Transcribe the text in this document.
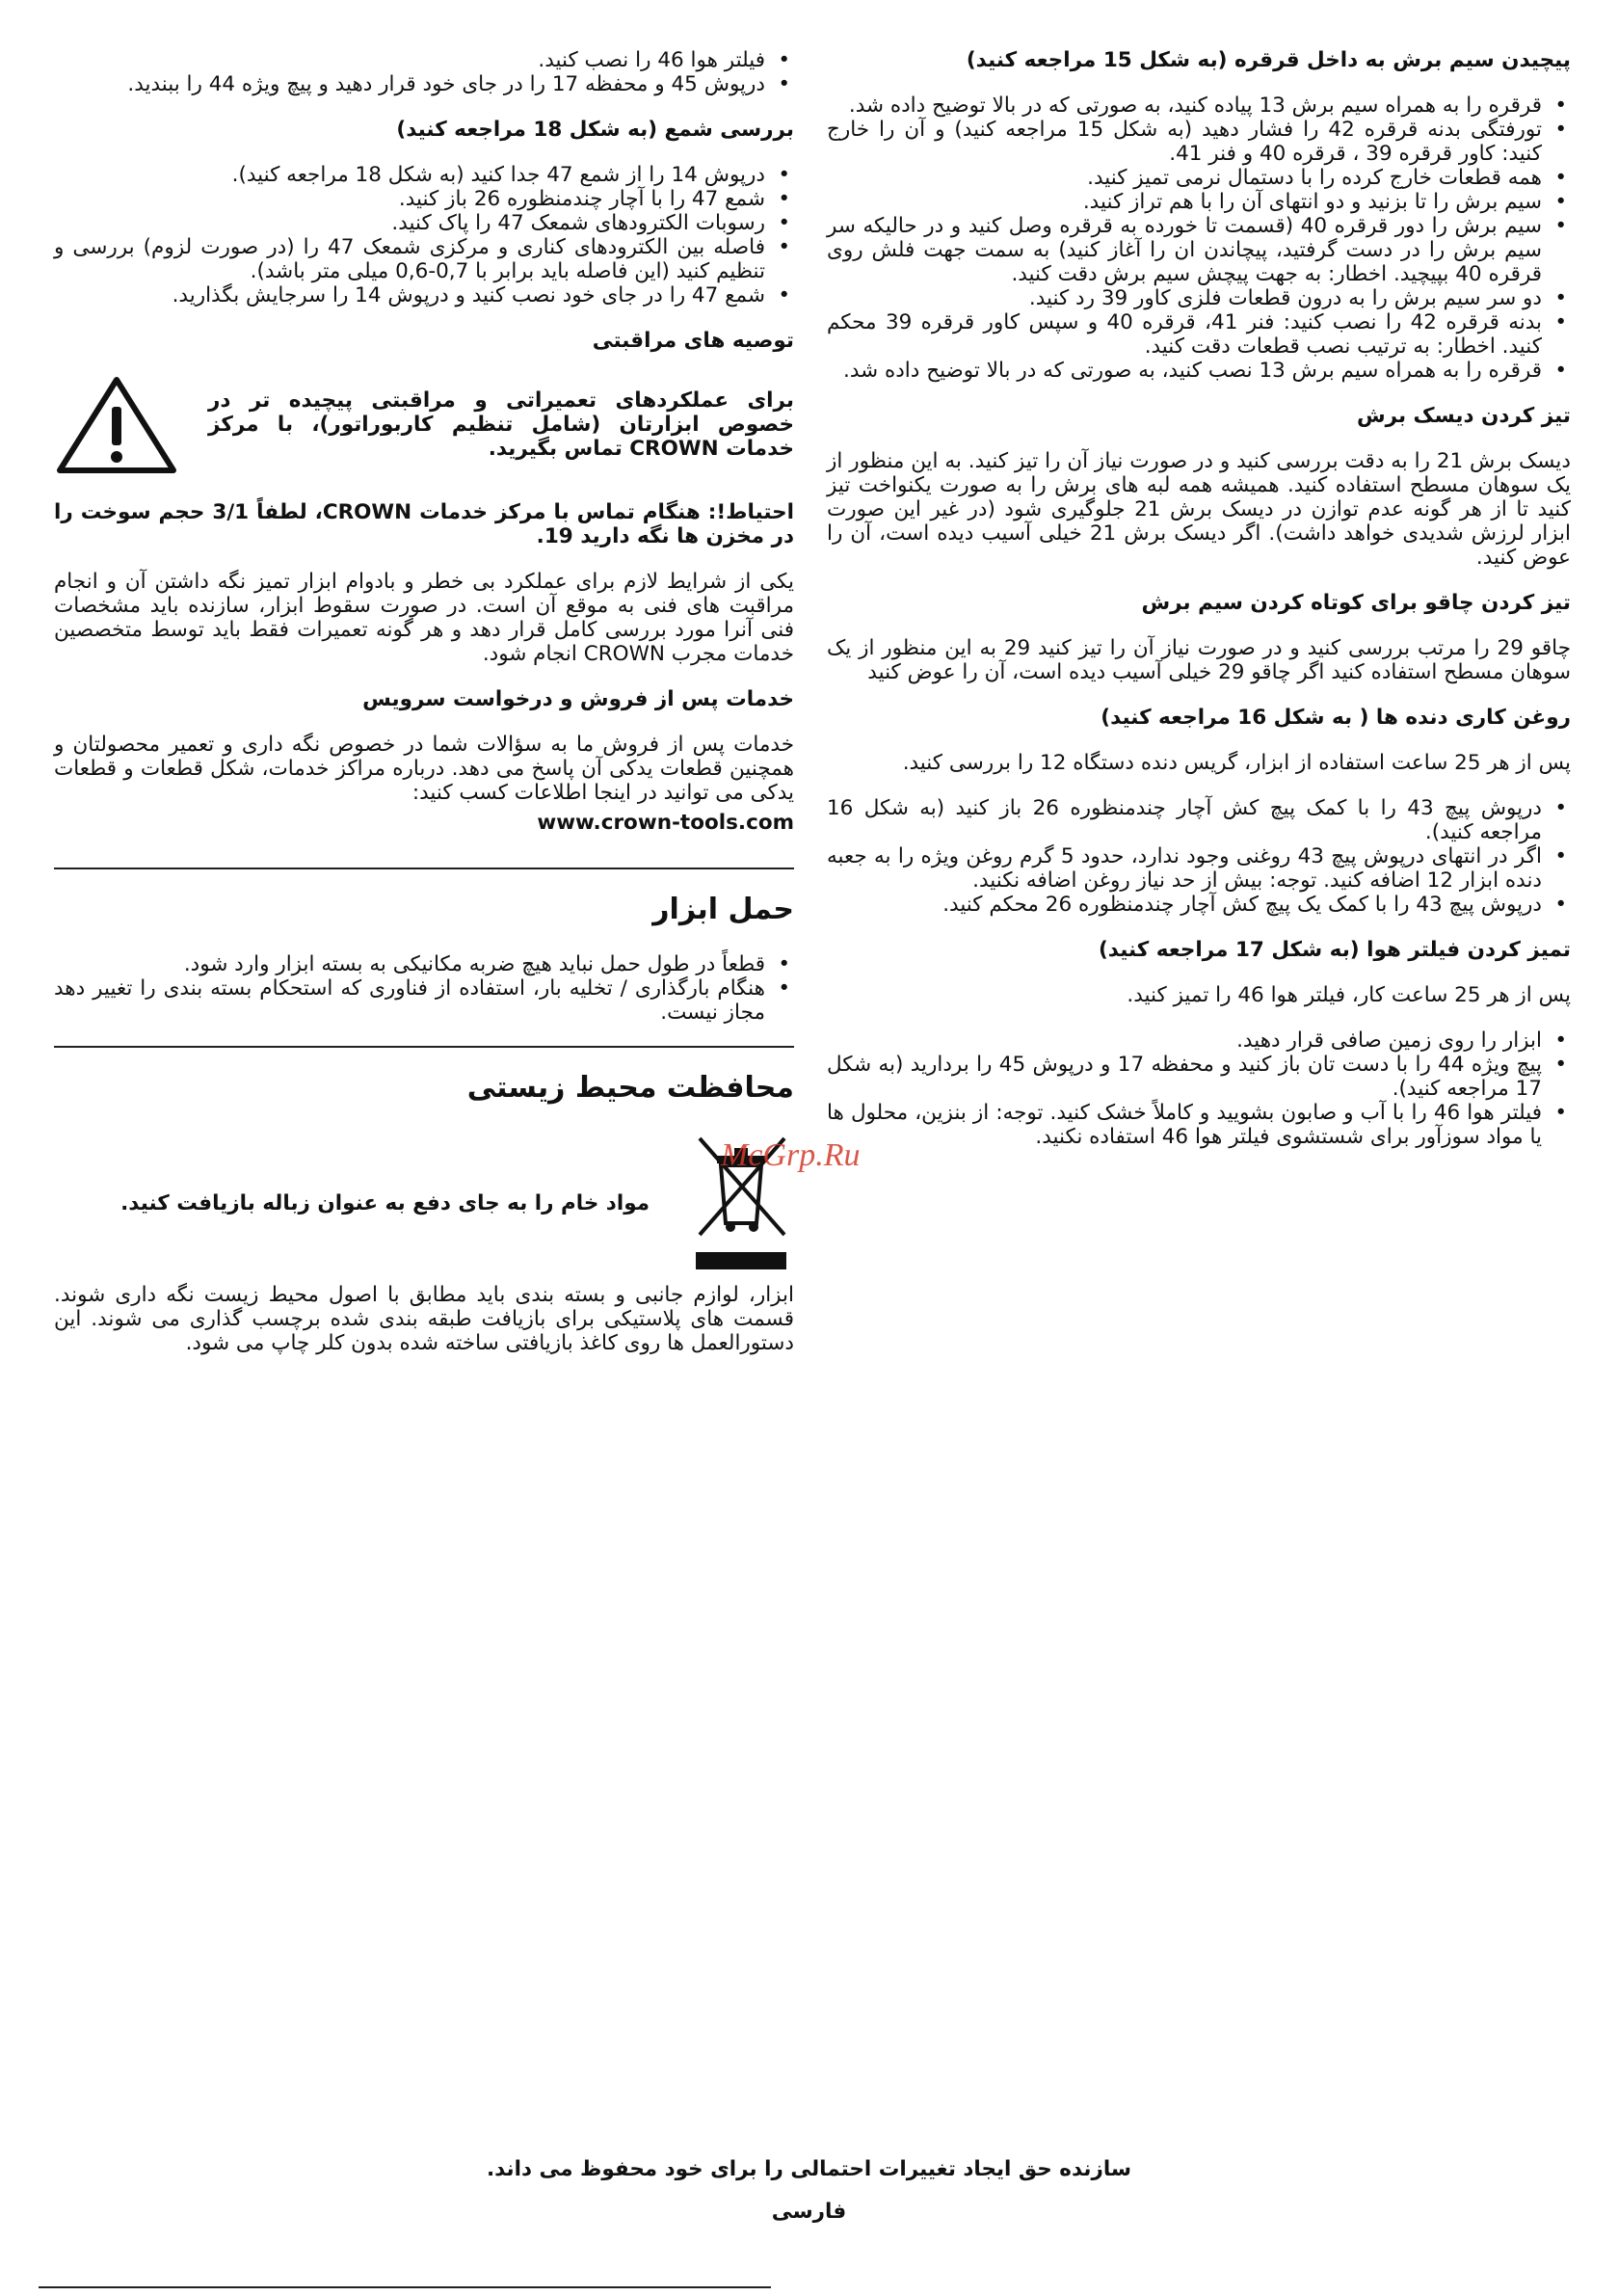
پیچیدن سیم برش به داخل قرقره (به شکل 15 مراجعه کنید)
• قرقره را به همراه سیم برش 13 پیاده کنید، به صورتی که در بالا توضیح داده شد.
• تورفتگی بدنه قرقره 42 را فشار دهید (به شکل 15 مراجعه کنید) و آن را خارج کنید: کاور قرقره 39 ، قرقره 40 و فنر 41.
• همه قطعات خارج کرده را با دستمال نرمی تمیز کنید.
• سیم برش را تا بزنید و دو انتهای آن را با هم تراز کنید.
• سیم برش را دور قرقره 40 (قسمت تا خورده به قرقره وصل کنید و در حالیکه سر سیم برش را در دست گرفتید، پیچاندن ان را آغاز کنید) به سمت جهت فلش روی قرقره 40 بپیچید. اخطار: به جهت پیچش سیم برش دقت کنید.
• دو سر سیم برش را به درون قطعات فلزی کاور 39 رد کنید.
• بدنه قرقره 42 را نصب کنید: فنر 41، قرقره 40 و سپس کاور قرقره 39 محکم کنید. اخطار: به ترتیب نصب قطعات دقت کنید.
• قرقره را به همراه سیم برش 13 نصب کنید، به صورتی که در بالا توضیح داده شد.
تیز کردن دیسک برش
دیسک برش 21 را به دقت بررسی کنید و در صورت نیاز آن را تیز کنید. به این منظور از یک سوهان مسطح استفاده کنید. همیشه همه لبه های برش را به صورت یکنواخت تیز کنید تا از هر گونه عدم توازن در دیسک برش 21 جلوگیری شود (در غیر این صورت ابزار لرزش شدیدی خواهد داشت). اگر دیسک برش 21 خیلی آسیب دیده است، آن را عوض کنید.
تیز کردن چاقو برای کوتاه کردن سیم برش
چاقو 29 را مرتب بررسی کنید و در صورت نیاز آن را تیز کنید 29 به این منظور از یک سوهان مسطح استفاده کنید اگر چاقو 29 خیلی آسیب دیده است، آن را عوض کنید
روغن کاری دنده ها ( به شکل 16 مراجعه کنید)
پس از هر 25 ساعت استفاده از ابزار، گریس دنده دستگاه 12 را بررسی کنید.
• درپوش پیچ 43 را با کمک پیچ کش آچار چندمنظوره 26 باز کنید (به شکل 16 مراجعه کنید).
• اگر در انتهای درپوش پیچ 43 روغنی وجود ندارد، حدود 5 گرم روغن ویژه را به جعبه دنده ابزار 12 اضافه کنید. توجه: بیش از حد نیاز روغن اضافه نکنید.
• درپوش پیچ 43 را با کمک یک پیچ کش آچار چندمنظوره 26 محکم کنید.
تمیز کردن فیلتر هوا (به شکل 17 مراجعه کنید)
پس از هر 25 ساعت کار، فیلتر هوا 46 را تمیز کنید.
• ابزار را روی زمین صافی قرار دهید.
• پیچ ویژه 44 را با دست تان باز کنید و محفظه 17 و درپوش 45 را بردارید (به شکل 17 مراجعه کنید).
• فیلتر هوا 46 را با آب و صابون بشویید و کاملاً خشک کنید. توجه: از بنزین، محلول ها یا مواد سوزآور برای شستشوی فیلتر هوا 46 استفاده نکنید.
• فیلتر هوا 46 را نصب کنید.
• درپوش 45 و محفظه 17 را در جای خود قرار دهید و پیچ ویژه 44 را ببندید.
بررسی شمع (به شکل 18 مراجعه کنید)
• درپوش 14 را از شمع 47 جدا کنید (به شکل 18 مراجعه کنید).
• شمع 47 را با آچار چندمنظوره 26 باز کنید.
• رسوبات الکترودهای شمعک 47 را پاک کنید.
• فاصله بین الکترودهای کناری و مرکزی شمعک 47 را (در صورت لزوم) بررسی و تنظیم کنید (این فاصله باید برابر با 0,7-0,6 میلی متر باشد).
• شمع 47 را در جای خود نصب کنید و درپوش 14 را سرجایش بگذارید.
توصیه های مراقبتی
برای عملکردهای تعمیراتی و مراقبتی پیچیده تر در خصوص ابزارتان (شامل تنظیم کاربوراتور)، با مرکز خدمات CROWN تماس بگیرید.
احتیاط!: هنگام تماس با مرکز خدمات CROWN، لطفاً 3/1 حجم سوخت را در مخزن ها نگه دارید 19.
یکی از شرایط لازم برای عملکرد بی خطر و بادوام ابزار تمیز نگه داشتن آن و انجام مراقبت های فنی به موقع آن است. در صورت سقوط ابزار، سازنده باید مشخصات فنی آنرا مورد بررسی کامل قرار دهد و هر گونه تعمیرات فقط باید توسط متخصصین خدمات مجرب CROWN انجام شود.
خدمات پس از فروش و درخواست سرویس
خدمات پس از فروش ما به سؤالات شما در خصوص نگه داری و تعمیر محصولتان و همچنین قطعات یدکی آن پاسخ می دهد. درباره مراکز خدمات، شکل قطعات و قطعات یدکی می توانید در اینجا اطلاعات کسب کنید:
www.crown-tools.com
حمل ابزار
• قطعاً در طول حمل نباید هیچ ضربه مکانیکی به بسته ابزار وارد شود.
• هنگام بارگذاری / تخلیه بار، استفاده از فناوری که استحکام بسته بندی را تغییر دهد مجاز نیست.
محافظت محیط زیستی
مواد خام را به جای دفع به عنوان زباله بازیافت کنید.
ابزار، لوازم جانبی و بسته بندی باید مطابق با اصول محیط زیست نگه داری شوند. قسمت های پلاستیکی برای بازیافت طبقه بندی شده برچسب گذاری می شوند. این دستورالعمل ها روی کاغذ بازیافتی ساخته شده بدون کلر چاپ می شود.
McGrp.Ru
سازنده حق ایجاد تغییرات احتمالی را برای خود محفوظ می داند.
فارسی
